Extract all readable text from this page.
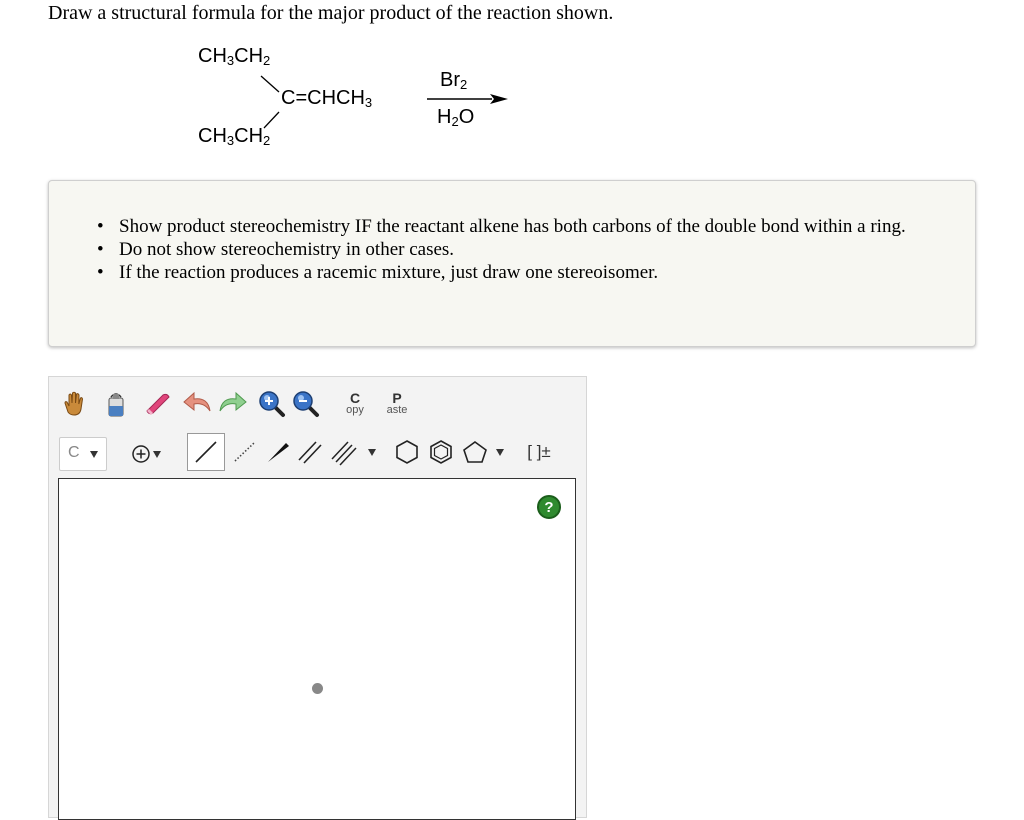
Draw a structural formula for the major product of the reaction shown.
$CH_3CH_2$
$CH_3CH_2$
$C=CHCH_3$
$Br_2$
$H_2O$
• Show product stereochemistry IF the reactant alkene has both carbons of the double bond within a ring.
• Do not show stereochemistry in other cases.
• If the reaction produces a racemic mixture, just draw one stereoisomer.
C
opy
P
aste
C	[ ]±
?
